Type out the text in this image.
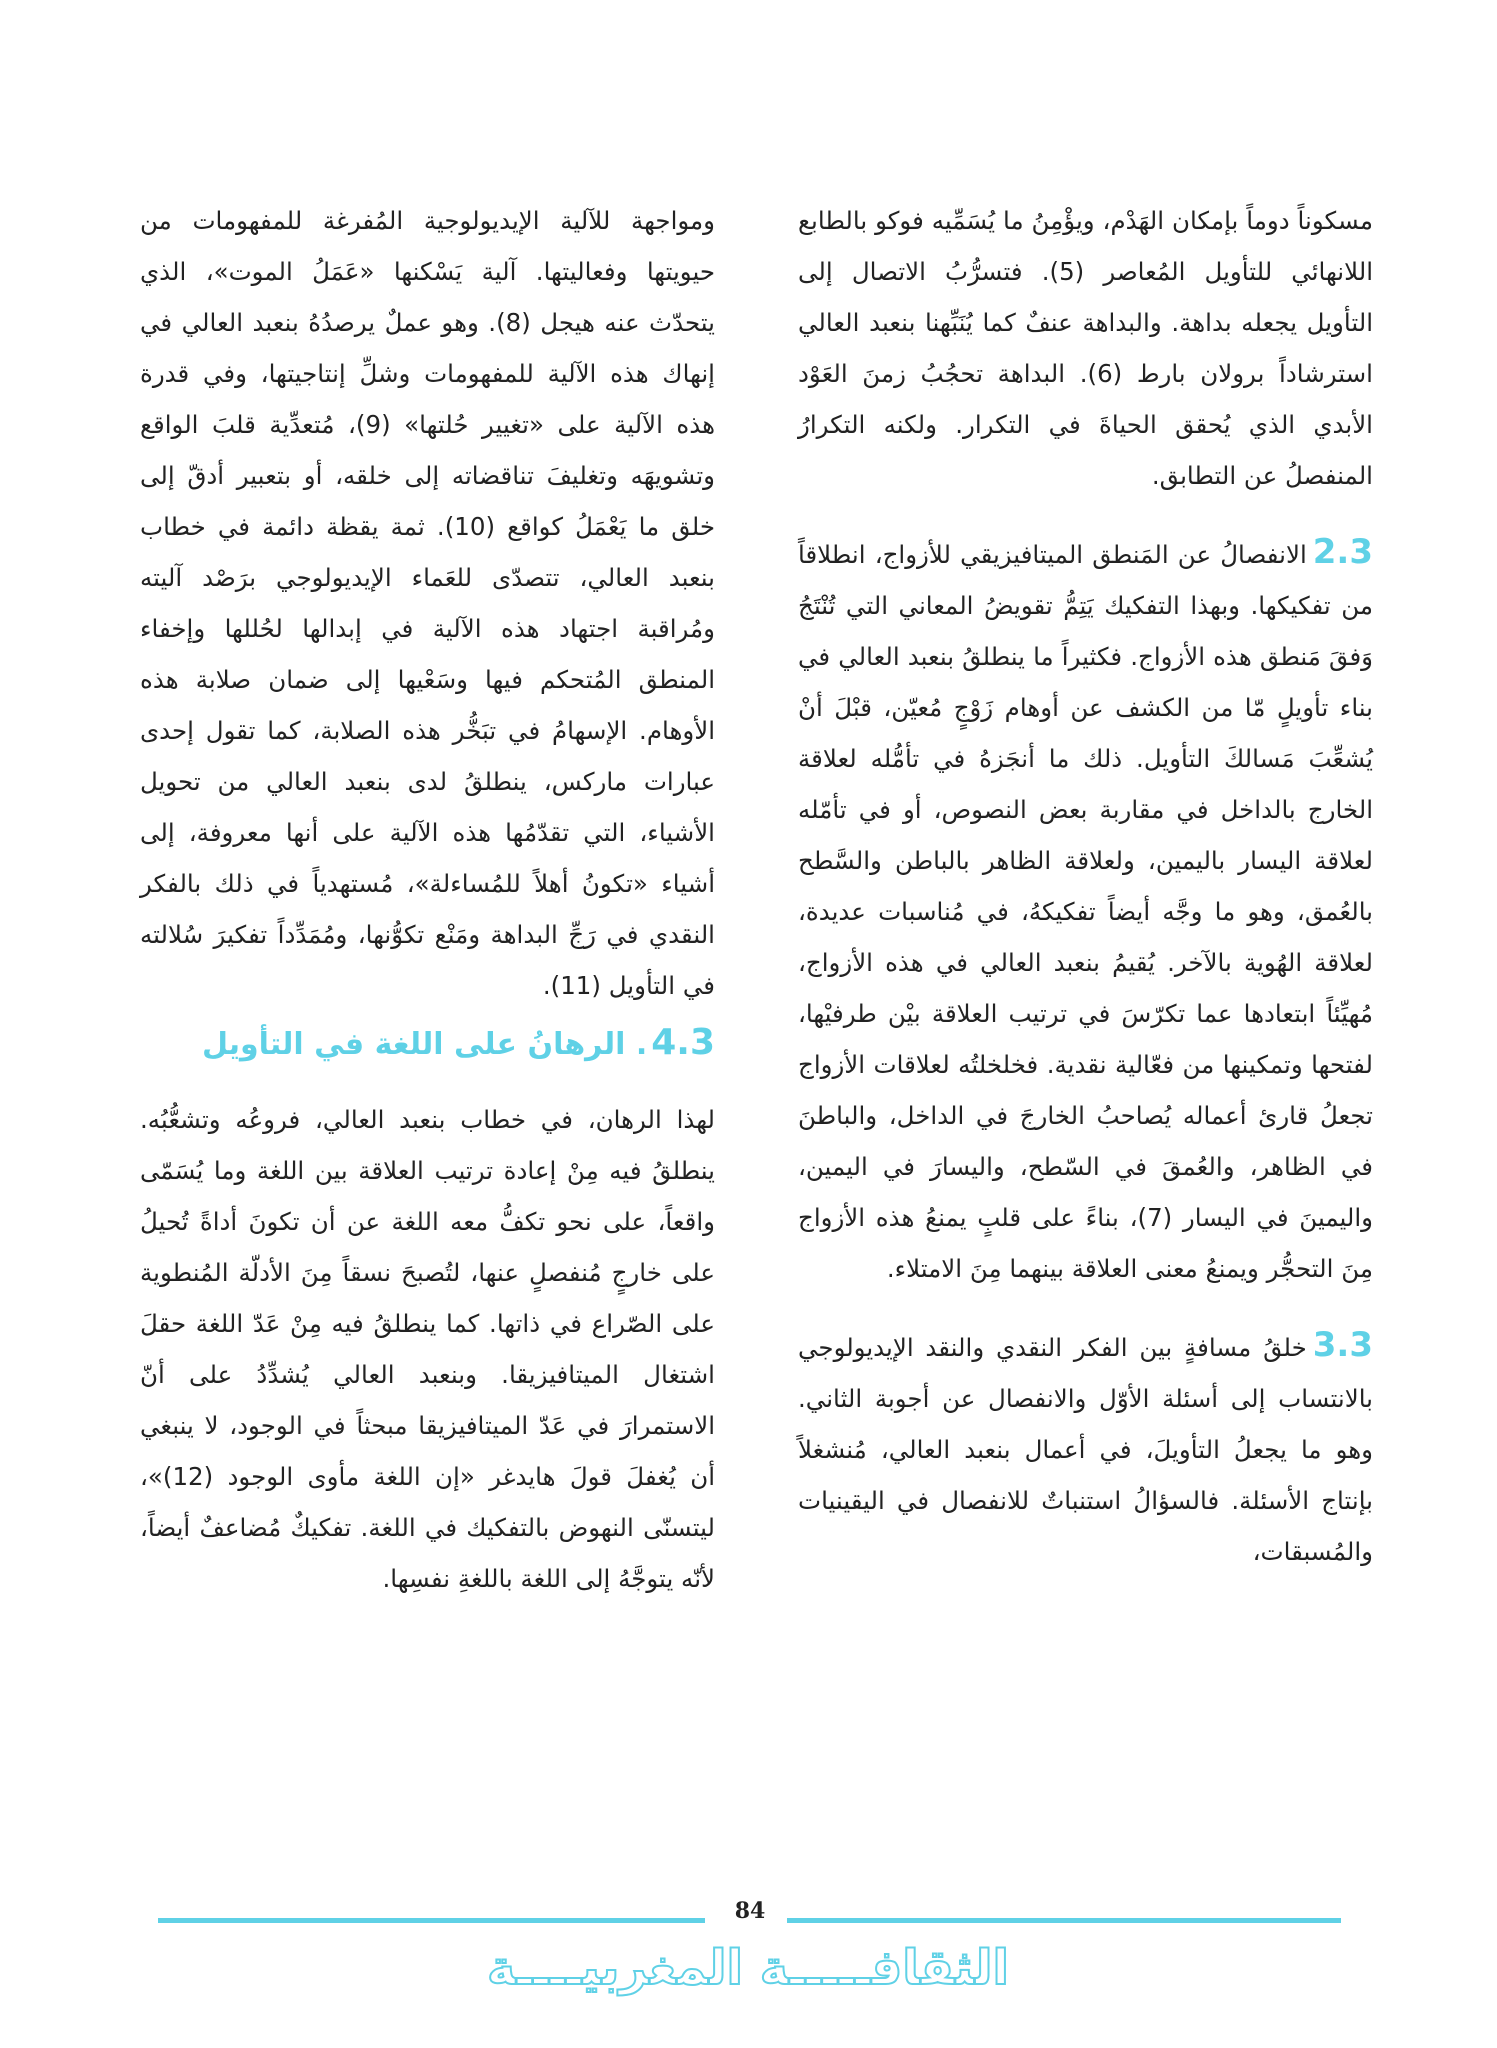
مسكوناً دوماً بإمكان الهَدْم، ويؤْمِنُ ما يُسَمِّيه فوكو بالطابع اللانهائي للتأويل المُعاصر (5). فتسرُّبُ الاتصال إلى التأويل يجعله بداهة. والبداهة عنفٌ كما يُنَبِّهنا بنعبد العالي استرشاداً برولان بارط (6). البداهة تحجُبُ زمنَ العَوْد الأبدي الذي يُحقق الحياةَ في التكرار. ولكنه التكرارُ المنفصلُ عن التطابق.

2.3الانفصالُ عن المَنطق الميتافيزيقي للأزواج، انطلاقاً من تفكيكها. وبهذا التفكيك يَتِمُّ تقويضُ المعاني التي تُنْتَجُ وَفقَ مَنطق هذه الأزواج. فكثيراً ما ينطلقُ بنعبد العالي في بناء تأويلٍ مّا من الكشف عن أوهام زَوْجٍ مُعيّن، قبْلَ أنْ يُشعِّبَ مَسالكَ التأويل. ذلك ما أنجَزهُ في تأمُّله لعلاقة الخارج بالداخل في مقاربة بعض النصوص، أو في تأمّله لعلاقة اليسار باليمين، ولعلاقة الظاهر بالباطن والسَّطح بالعُمق، وهو ما وجَّه أيضاً تفكيكهُ، في مُناسبات عديدة، لعلاقة الهُوية بالآخر. يُقيمُ بنعبد العالي في هذه الأزواج، مُهيِّئاً ابتعادها عما تكرّسَ في ترتيب العلاقة بيْن طرفيْها، لفتحها وتمكينها من فعّالية نقدية. فخلخلتُه لعلاقات الأزواج تجعلُ قارئ أعماله يُصاحبُ الخارجَ في الداخل، والباطنَ في الظاهر، والعُمقَ في السّطح، واليسارَ في اليمين، واليمينَ في اليسار (7)، بناءً على قلبٍ يمنعُ هذه الأزواج مِنَ التحجُّر ويمنعُ معنى العلاقة بينهما مِنَ الامتلاء.

3.3خلقُ مسافةٍ بين الفكر النقدي والنقد الإيديولوجي بالانتساب إلى أسئلة الأوّل والانفصال عن أجوبة الثاني. وهو ما يجعلُ التأويلَ، في أعمال بنعبد العالي، مُنشغلاً بإنتاج الأسئلة. فالسؤالُ استنباتٌ للانفصال في اليقينيات والمُسبقات،

ومواجهة للآلية الإيديولوجية المُفرغة للمفهومات من حيويتها وفعاليتها. آلية يَسْكنها «عَمَلُ الموت»، الذي يتحدّث عنه هيجل (8). وهو عملٌ يرصدُهُ بنعبد العالي في إنهاك هذه الآلية للمفهومات وشلِّ إنتاجيتها، وفي قدرة هذه الآلية على «تغيير حُلتها» (9)، مُتعدِّية قلبَ الواقع وتشويهَه وتغليفَ تناقضاته إلى خلقه، أو بتعبير أدقّ إلى خلق ما يَعْمَلُ كواقع (10). ثمة يقظة دائمة في خطاب بنعبد العالي، تتصدّى للعَماء الإيديولوجي برَصْد آليته ومُراقبة اجتهاد هذه الآلية في إبدالها لحُللها وإخفاء المنطق المُتحكم فيها وسَعْيها إلى ضمان صلابة هذه الأوهام. الإسهامُ في تبَخُّر هذه الصلابة، كما تقول إحدى عبارات ماركس، ينطلقُ لدى بنعبد العالي من تحويل الأشياء، التي تقدّمُها هذه الآلية على أنها معروفة، إلى أشياء «تكونُ أهلاً للمُساءلة»، مُستهدياً في ذلك بالفكر النقدي في رَجِّ البداهة ومَنْع تكوُّنها، ومُمَدِّداً تفكيرَ سُلالته في التأويل (11).

4.3. الرهانُ على اللغة في التأويل

لهذا الرهان، في خطاب بنعبد العالي، فروعُه وتشعُّبُه. ينطلقُ فيه مِنْ إعادة ترتيب العلاقة بين اللغة وما يُسَمّى واقعاً، على نحو تكفُّ معه اللغة عن أن تكونَ أداةً تُحيلُ على خارجٍ مُنفصلٍ عنها، لتُصبحَ نسقاً مِنَ الأدلّة المُنطوية على الصّراع في ذاتها. كما ينطلقُ فيه مِنْ عَدّ اللغة حقلَ اشتغال الميتافيزيقا. وبنعبد العالي يُشدِّدُ على أنّ الاستمرارَ في عَدّ الميتافيزيقا مبحثاً في الوجود، لا ينبغي أن يُغفلَ قولَ هايدغر «إن اللغة مأوى الوجود (12)»، ليتسنّى النهوض بالتفكيك في اللغة. تفكيكٌ مُضاعفٌ أيضاً، لأنّه يتوجَّهُ إلى اللغة باللغةِ نفسِها.

84
الثقافـــــة المغربيــــة
